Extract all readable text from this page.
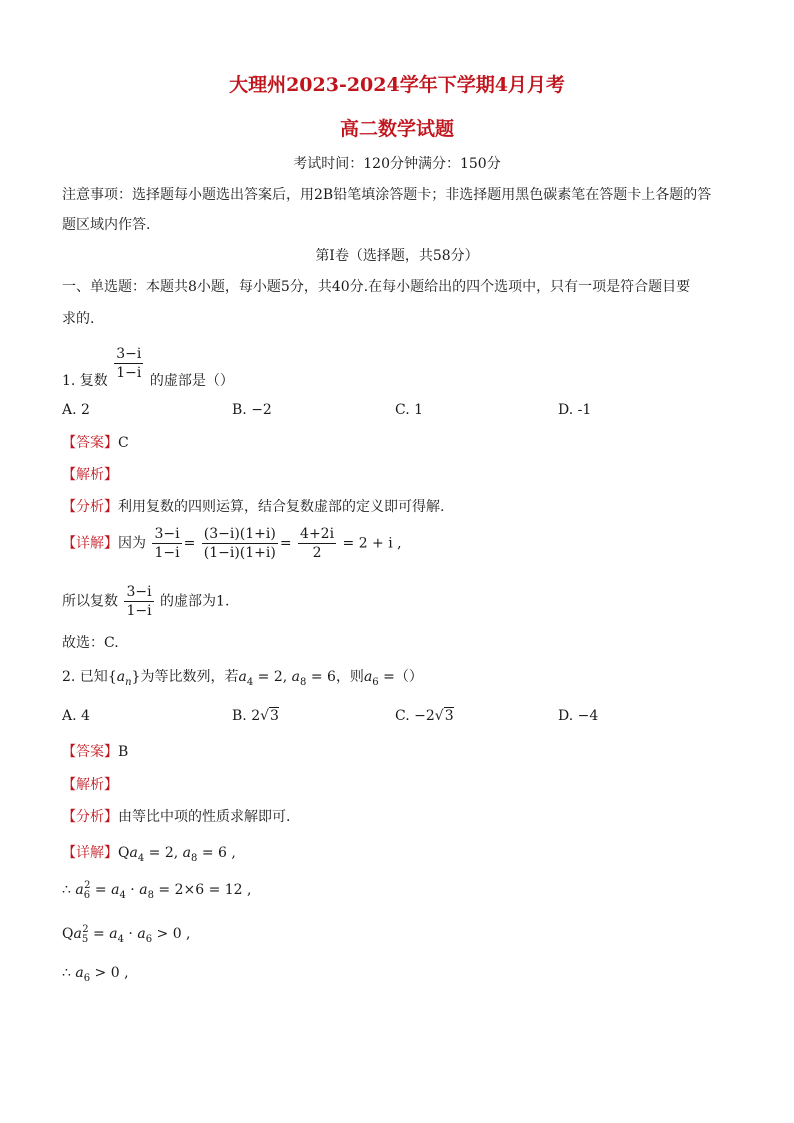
大理州2023-2024学年下学期4月月考
高二数学试题
考试时间：120分钟满分：150分
注意事项：选择题每小题选出答案后，用2B铅笔填涂答题卡；非选择题用黑色碳素笔在答题卡上各题的答
题区域内作答.
第I卷（选择题，共58分）
一、单选题：本题共8小题，每小题5分，共40分.在每小题给出的四个选项中，只有一项是符合题目要
求的.
1. 复数 $\frac{3-i}{1-i}$ 的虚部是（）
A. 2	B. −2	C. 1	D. -1
【答案】C
【解析】
【分析】利用复数的四则运算，结合复数虚部的定义即可得解.
【详解】因为 $\frac{3-i}{1-i} = \frac{(3-i)(1+i)}{(1-i)(1+i)} = \frac{4+2i}{2} = 2 + i$ ,
所以复数 $\frac{3-i}{1-i}$ 的虚部为1.
故选：C.
2. 已知$\{a_n\}$为等比数列，若$a_4 = 2$, $a_8 = 6$，则$a_6$ =（）
A. 4	B. 2√3	C. −2√3	D. −4
【答案】B
【解析】
【分析】由等比中项的性质求解即可.
【详解】$Qa_4 = 2$, $a_8 = 6$ ,
∴ $a_6^2 = a_4 \cdot a_8 = 2\times 6 = 12$ ,
$Qa_5^2 = a_4 \cdot a_6 > 0$ ,
∴ $a_6 > 0$ ,
